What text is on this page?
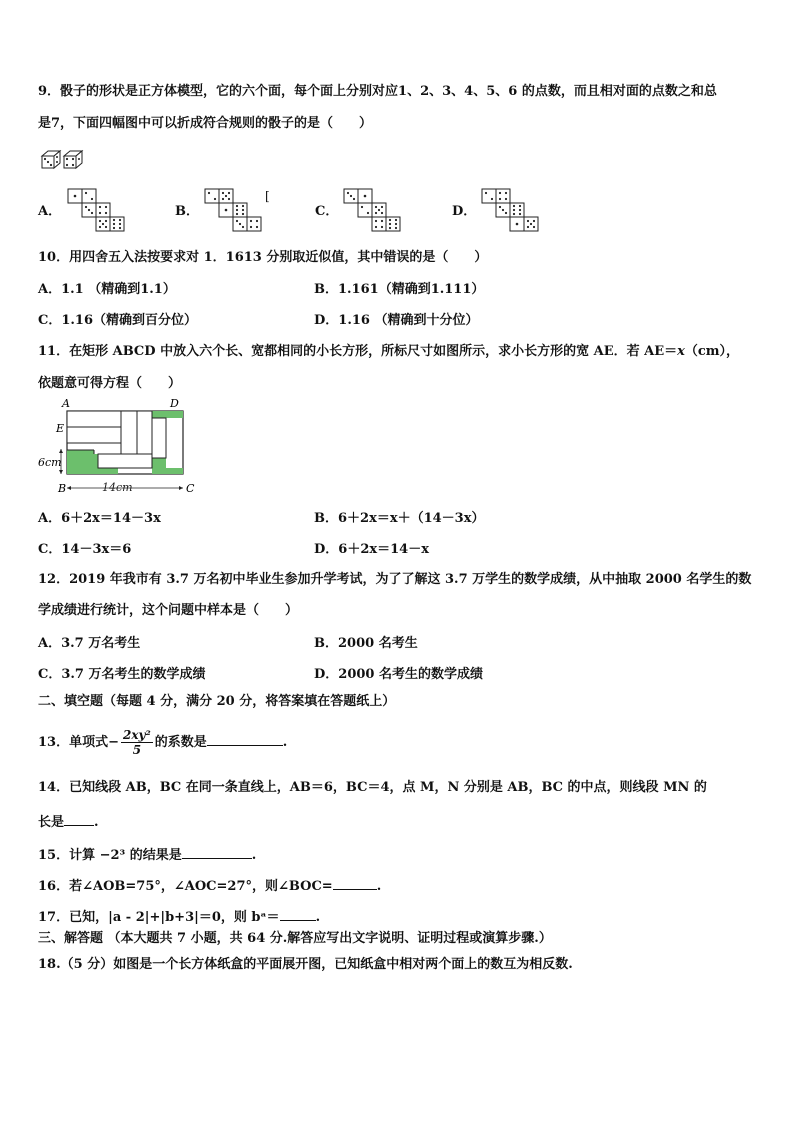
9．骰子的形状是正方体模型，它的六个面，每个面上分别对应1、2、3、4、5、6 的点数，而且相对面的点数之和总
是7，下面四幅图中可以折成符合规则的骰子的是（　　）
A．	B．	C．	D．
[
10．用四舍五入法按要求对 1．1613 分别取近似值，其中错误的是（　　）
A．1.1 （精确到1.1）	B．1.161（精确到1.111）
C．1.16（精确到百分位）	D．1.16 （精确到十分位）
11．在矩形 ABCD 中放入六个长、宽都相同的小长方形，所标尺寸如图所示，求小长方形的宽 AE．若 AE＝x（cm），
依题意可得方程（　　）
A	D
E
6cm
B	14cm	C
A．6＋2x＝14－3x	B．6＋2x＝x＋（14－3x）
C．14－3x＝6	D．6＋2x＝14－x
12．2019 年我市有 3.7 万名初中毕业生参加升学考试，为了了解这 3.7 万学生的数学成绩，从中抽取 2000 名学生的数
学成绩进行统计，这个问题中样本是（　　）
A．3.7 万名考生	B．2000 名考生
C．3.7 万名考生的数学成绩	D．2000 名考生的数学成绩
二、填空题（每题 4 分，满分 20 分，将答案填在答题纸上）
13．单项式− $\frac{\text{2xy²}}{5}$ 的系数是	.
14．已知线段 AB，BC 在同一条直线上，AB＝6，BC＝4，点 M，N 分别是 AB，BC 的中点，则线段 MN 的
长是 .
15．计算 −2³ 的结果是	.
16．若∠AOB=75°，∠AOC=27°，则∠BOC=	.
17．已知，|a - 2|+|b+3|＝0，则 bᵃ＝	.
三、解答题 （本大题共 7 小题，共 64 分.解答应写出文字说明、证明过程或演算步骤.）
18.（5 分）如图是一个长方体纸盒的平面展开图，已知纸盒中相对两个面上的数互为相反数.
